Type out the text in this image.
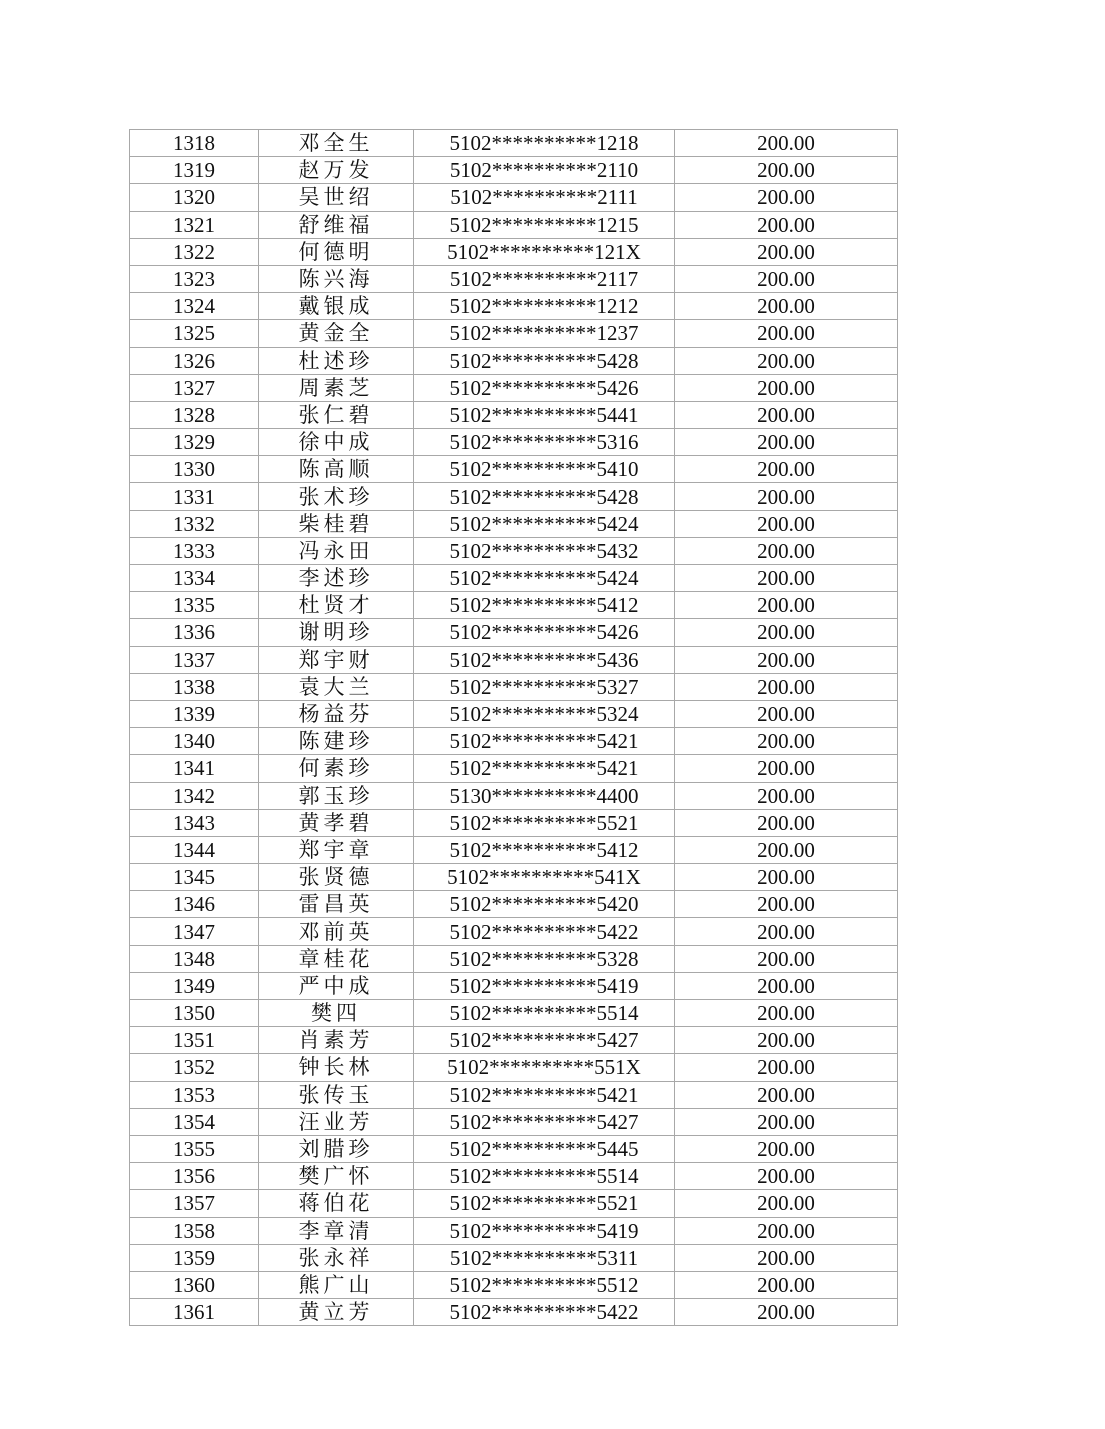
1318	邓全生	5102**********1218	200.00
1319	赵万发	5102**********2110	200.00
1320	吴世绍	5102**********2111	200.00
1321	舒维福	5102**********1215	200.00
1322	何德明	5102**********121X	200.00
1323	陈兴海	5102**********2117	200.00
1324	戴银成	5102**********1212	200.00
1325	黄金全	5102**********1237	200.00
1326	杜述珍	5102**********5428	200.00
1327	周素芝	5102**********5426	200.00
1328	张仁碧	5102**********5441	200.00
1329	徐中成	5102**********5316	200.00
1330	陈高顺	5102**********5410	200.00
1331	张术珍	5102**********5428	200.00
1332	柴桂碧	5102**********5424	200.00
1333	冯永田	5102**********5432	200.00
1334	李述珍	5102**********5424	200.00
1335	杜贤才	5102**********5412	200.00
1336	谢明珍	5102**********5426	200.00
1337	郑宇财	5102**********5436	200.00
1338	袁大兰	5102**********5327	200.00
1339	杨益芬	5102**********5324	200.00
1340	陈建珍	5102**********5421	200.00
1341	何素珍	5102**********5421	200.00
1342	郭玉珍	5130**********4400	200.00
1343	黄孝碧	5102**********5521	200.00
1344	郑宇章	5102**********5412	200.00
1345	张贤德	5102**********541X	200.00
1346	雷昌英	5102**********5420	200.00
1347	邓前英	5102**********5422	200.00
1348	章桂花	5102**********5328	200.00
1349	严中成	5102**********5419	200.00
1350	樊四	5102**********5514	200.00
1351	肖素芳	5102**********5427	200.00
1352	钟长林	5102**********551X	200.00
1353	张传玉	5102**********5421	200.00
1354	汪业芳	5102**********5427	200.00
1355	刘腊珍	5102**********5445	200.00
1356	樊广怀	5102**********5514	200.00
1357	蒋伯花	5102**********5521	200.00
1358	李章清	5102**********5419	200.00
1359	张永祥	5102**********5311	200.00
1360	熊广山	5102**********5512	200.00
1361	黄立芳	5102**********5422	200.00
